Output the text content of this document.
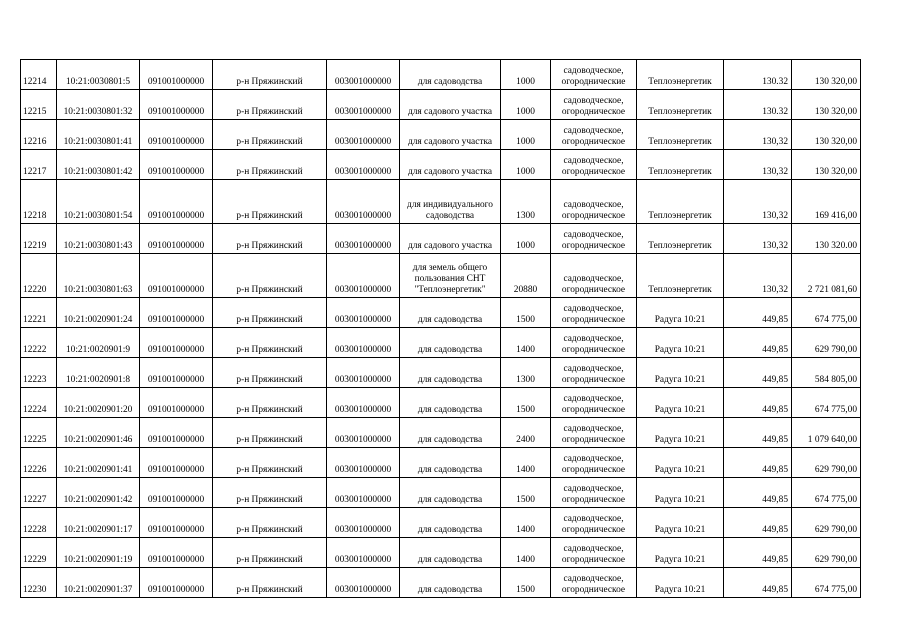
12214	10:21:0030801:5	091001000000	р-н Пряжинский	003001000000	для садоводства	1000	садоводческое, огороднические	Теплоэнергетик	130.32	130 320,00
12215	10:21:0030801:32	091001000000	р-н Пряжинский	003001000000	для садового участка	1000	садоводческое, огородническое	Теплоэнергетик	130.32	130 320,00
12216	10:21:0030801:41	091001000000	р-н Пряжинский	003001000000	для садового участка	1000	садоводческое, огородническое	Теплоэнергетик	130,32	130 320,00
12217	10:21:0030801:42	091001000000	р-н Пряжинский	003001000000	для садового участка	1000	садоводческое, огородническое	Теплоэнергетик	130,32	130 320,00
12218	10:21:0030801:54	091001000000	р-н Пряжинский	003001000000	для индивидуального садоводства	1300	садоводческое, огородническое	Теплоэнергетик	130,32	169 416,00
12219	10:21:0030801:43	091001000000	р-н Пряжинский	003001000000	для садового участка	1000	садоводческое, огородническое	Теплоэнергетик	130,32	130 320.00
12220	10:21:0030801:63	091001000000	р-н Пряжинский	003001000000	для земель общего пользования СНТ "Теплоэнергетик"	20880	садоводческое, огородническое	Теплоэнергетик	130,32	2 721 081,60
12221	10:21:0020901:24	091001000000	р-н Пряжинский	003001000000	для садоводства	1500	садоводческое, огородническое	Радуга 10:21	449,85	674 775,00
12222	10:21:0020901:9	091001000000	р-н Пряжинский	003001000000	для садоводства	1400	садоводческое, огородническое	Радуга 10:21	449,85	629 790,00
12223	10:21:0020901:8	091001000000	р-н Пряжинский	003001000000	для садоводства	1300	садоводческое, огородническое	Радуга 10:21	449,85	584 805,00
12224	10:21:0020901:20	091001000000	р-н Пряжинский	003001000000	для садоводства	1500	садоводческое, огородническое	Радуга 10:21	449,85	674 775,00
12225	10:21:0020901:46	091001000000	р-н Пряжинский	003001000000	для садоводства	2400	садоводческое, огородническое	Радуга 10:21	449,85	1 079 640,00
12226	10:21:0020901:41	091001000000	р-н Пряжинский	003001000000	для садоводства	1400	садоводческое, огородническое	Радуга 10:21	449,85	629 790,00
12227	10:21:0020901:42	091001000000	р-н Пряжинский	003001000000	для садоводства	1500	садоводческое, огородническое	Радуга 10:21	449,85	674 775,00
12228	10:21:0020901:17	091001000000	р-н Пряжинский	003001000000	для садоводства	1400	садоводческое, огородническое	Радуга 10:21	449,85	629 790,00
12229	10:21:0020901:19	091001000000	р-н Пряжинский	003001000000	для садоводства	1400	садоводческое, огородническое	Радуга 10:21	449,85	629 790,00
12230	10:21:0020901:37	091001000000	р-н Пряжинский	003001000000	для садоводства	1500	садоводческое, огородническое	Радуга 10:21	449,85	674 775,00
